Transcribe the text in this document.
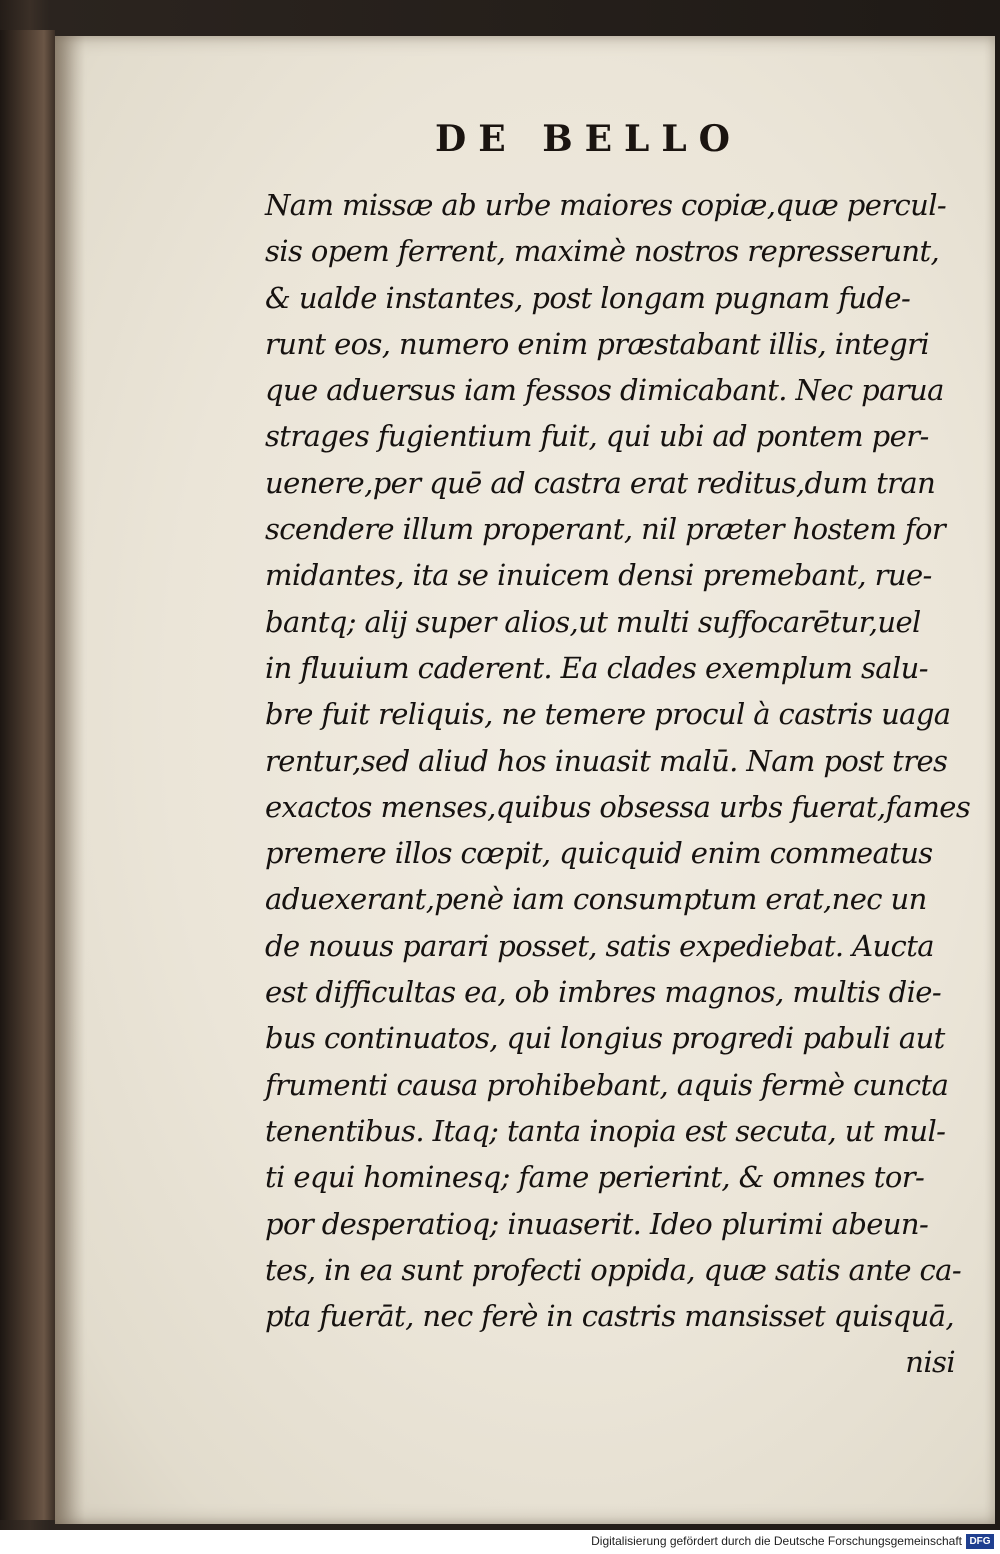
DE BELLO
Nam missæ ab urbe maiores copiæ,quæ percul-
sis opem ferrent, maximè nostros represserunt,
& ualde instantes, post longam pugnam fude-
runt eos, numero enim præstabant illis, integri
que aduersus iam fessos dimicabant. Nec parua
strages fugientium fuit, qui ubi ad pontem per-
uenere,per quē ad castra erat reditus,dum tran
scendere illum properant, nil præter hostem for
midantes, ita se inuicem densi premebant, rue-
bantq; alij super alios,ut multi suffocarētur,uel
in fluuium caderent. Ea clades exemplum salu-
bre fuit reliquis, ne temere procul à castris uaga
rentur,sed aliud hos inuasit malū. Nam post tres
exactos menses,quibus obsessa urbs fuerat,fames
premere illos cœpit, quicquid enim commeatus
aduexerant,penè iam consumptum erat,nec un
de nouus parari posset, satis expediebat. Aucta
est difficultas ea, ob imbres magnos, multis die-
bus continuatos, qui longius progredi pabuli aut
frumenti causa prohibebant, aquis fermè cuncta
tenentibus. Itaq; tanta inopia est secuta, ut mul-
ti equi hominesq; fame perierint, & omnes tor-
por desperatioq; inuaserit. Ideo plurimi abeun-
tes, in ea sunt profecti oppida, quæ satis ante ca-
pta fuerāt, nec ferè in castris mansisset quisquā,
nisi
Digitalisierung gefördert durch die Deutsche Forschungsgemeinschaft DFG
